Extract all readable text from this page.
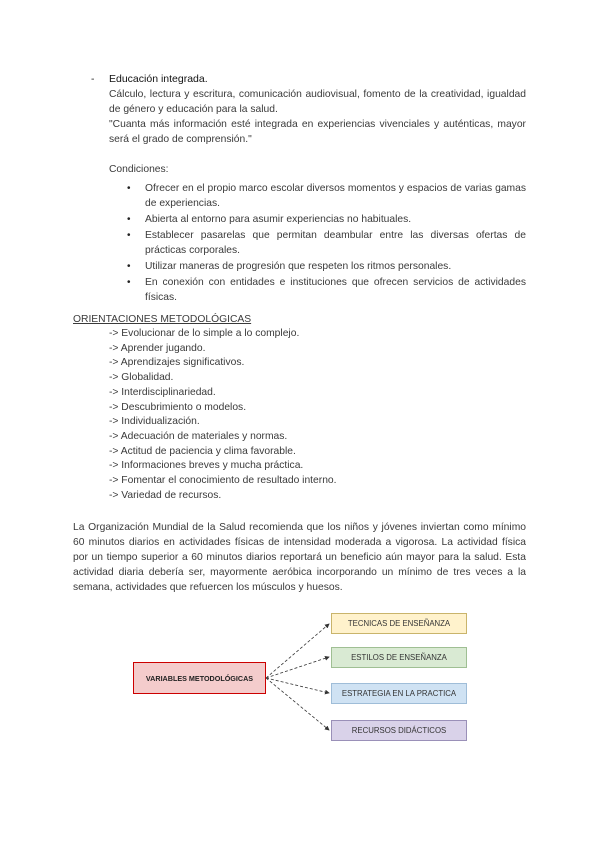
- Educación integrada.

Cálculo, lectura y escritura, comunicación audiovisual, fomento de la creatividad, igualdad de género y educación para la salud.

"Cuanta más información esté integrada en experiencias vivenciales y auténticas, mayor será el grado de comprensión."

Condiciones:

• Ofrecer en el propio marco escolar diversos momentos y espacios de varias gamas de experiencias.
• Abierta al entorno para asumir experiencias no habituales.
• Establecer pasarelas que permitan deambular entre las diversas ofertas de prácticas corporales.
• Utilizar maneras de progresión que respeten los ritmos personales.
• En conexión con entidades e instituciones que ofrecen servicios de actividades físicas.
ORIENTACIONES METODOLÓGICAS
-> Evolucionar de lo simple a lo complejo.
-> Aprender jugando.
-> Aprendizajes significativos.
-> Globalidad.
-> Interdisciplinariedad.
-> Descubrimiento o modelos.
-> Individualización.
-> Adecuación de materiales y normas.
-> Actitud de paciencia y clima favorable.
-> Informaciones breves y mucha práctica.
-> Fomentar el conocimiento de resultado interno.
-> Variedad de recursos.

La Organización Mundial de la Salud recomienda que los niños y jóvenes inviertan como mínimo 60 minutos diarios en actividades físicas de intensidad moderada a vigorosa. La actividad física por un tiempo superior a 60 minutos diarios reportará un beneficio aún mayor para la salud. Esta actividad diaria debería ser, mayormente aeróbica incorporando un mínimo de tres veces a la semana, actividades que refuercen los músculos y huesos.

VARIABLES METODOLÓGICAS
TECNICAS DE ENSEÑANZA
ESTILOS DE ENSEÑANZA
ESTRATEGIA EN LA PRACTICA
RECURSOS DIDÁCTICOS
